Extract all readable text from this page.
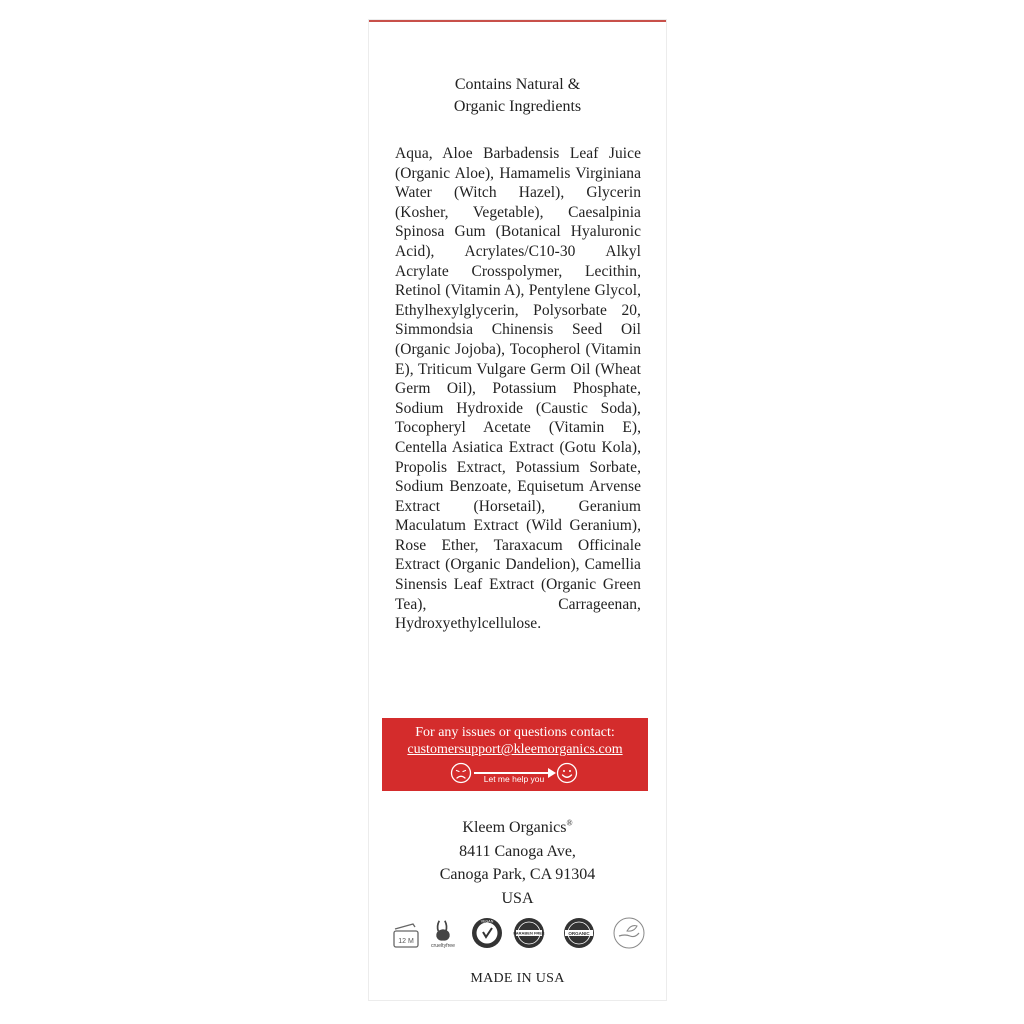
Contains Natural &
Organic Ingredients
Aqua, Aloe Barbadensis Leaf Juice (Organic Aloe), Hamamelis Virginiana Water (Witch Hazel), Glycerin (Kosher, Vegetable), Caesalpinia Spinosa Gum (Botanical Hyaluronic Acid), Acrylates/C10-30 Alkyl Acrylate Crosspolymer, Lecithin, Retinol (Vitamin A), Pentylene Glycol, Ethylhexylglycerin, Polysorbate 20, Simmondsia Chinensis Seed Oil (Organic Jojoba), Tocopherol (Vitamin E), Triticum Vulgare Germ Oil (Wheat Germ Oil), Potassium Phosphate, Sodium Hydroxide (Caustic Soda), Tocopheryl Acetate (Vitamin E), Centella Asiatica Extract (Gotu Kola), Propolis Extract, Potassium Sorbate, Sodium Benzoate, Equisetum Arvense Extract (Horsetail), Geranium Maculatum Extract (Wild Geranium), Rose Ether, Taraxacum Officinale Extract (Organic Dandelion), Camellia Sinensis Leaf Extract (Organic Green Tea), Carrageenan, Hydroxyethylcellulose.
For any issues or questions contact:
customersupport@kleemorganics.com
Let me help you
Kleem Organics®
8411 Canoga Ave,
Canoga Park, CA 91304
USA
12 M
crueltyfree
VEGAN
PARABEN FREE	ORGANIC
MADE IN USA
